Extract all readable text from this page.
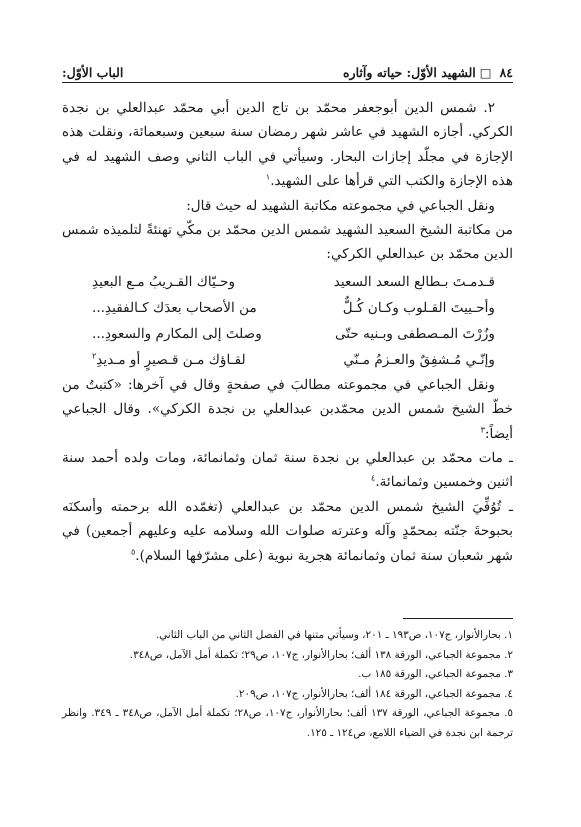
٨٤ □ الشهيد الأوّل: حياته وآثاره
الباب الأوّل:

٢. شمس الدين أبوجعفر محمّد بن تاج الدين أبي محمّد عبدالعلي بن نجدة الكركي. أجازه الشهيد في عاشر شهر رمضان سنة سبعين وسبعمائة، ونقلت هذه الإجازة في مجلّد إجازات البحار. وسيأتي في الباب الثاني وصف الشهيد له في هذه الإجازة والكتب التي قرأها على الشهيد.$^١$

ونقل الجباعي في مجموعته مكاتبة الشهيد له حيث قال:

من مكاتبة الشيخ السعيد الشهيد شمس الدين محمّد بن مكّي تهنئةً لتلميذه شمس الدين محمّد بن عبدالعلي الكركي:

قـدمـتَ بـطالع السعد السعيد
وحـيّاك القـريبُ مـع البعيدِ
وأحـييتَ القـلوب وكـان كُـلٌّ
من الأصحاب بعدَك كـالفقيدِ...
وزُرْتَ المـصطفى وبـنيه حتّى
وصلتَ إلى المكارم والسعودِ...
وإنّـي مُـشفِقٌ والعـزمُ مـنّي
لقـاؤك مـن قـصيرٍ أو مـديدِ$^٢$

ونقل الجباعي في مجموعته مطالبَ في صفحةٍ وقال في آخرها: «كتبتُ من خطّ الشيخ شمس الدين محمّدبن عبدالعلي بن نجدة الكركي». وقال الجباعي أيضاً:$^٣$

ـ مات محمّد بن عبدالعلي بن نجدة سنة ثمان وثمانمائة، ومات ولده أحمد سنة اثنين وخمسين وثمانمائة.$^٤$

ـ تُوُفِّيَ الشيخ شمس الدين محمّد بن عبدالعلي (تغمّده الله برحمته وأسكنَه بحبوحةَ جنّته بمحمّدٍ وآله وعترته صلوات الله وسلامه عليه وعليهم أجمعين) في شهر شعبان سنة ثمان وثمانمائة هجرية نبوية (على مشرّفها السلام).$^٥$

١. بحارالأنوار، ج١٠٧، ص١٩٣ ـ ٢٠١، وسيأتي متنها في الفصل الثاني من الباب الثاني.

٢. مجموعة الجباعي، الورقة ١٣٨ ألف؛ بحارالأنوار، ج١٠٧، ص٢٩؛ تكملة أمل الآمل، ص٣٤٨.

٣. مجموعة الجباعي، الورقة ١٨٥ ب.

٤. مجموعة الجباعي، الورقة ١٨٤ ألف؛ بحارالأنوار، ج١٠٧، ص٢٠٩.

٥. مجموعة الجباعي، الورقة ١٣٧ ألف؛ بحارالأنوار، ج١٠٧، ص٢٨؛ تكملة أمل الآمل، ص٣٤٨ ـ ٣٤٩. وانظر ترجمة ابن نجدة في الضياء اللامع، ص١٢٤ ـ ١٢٥.
